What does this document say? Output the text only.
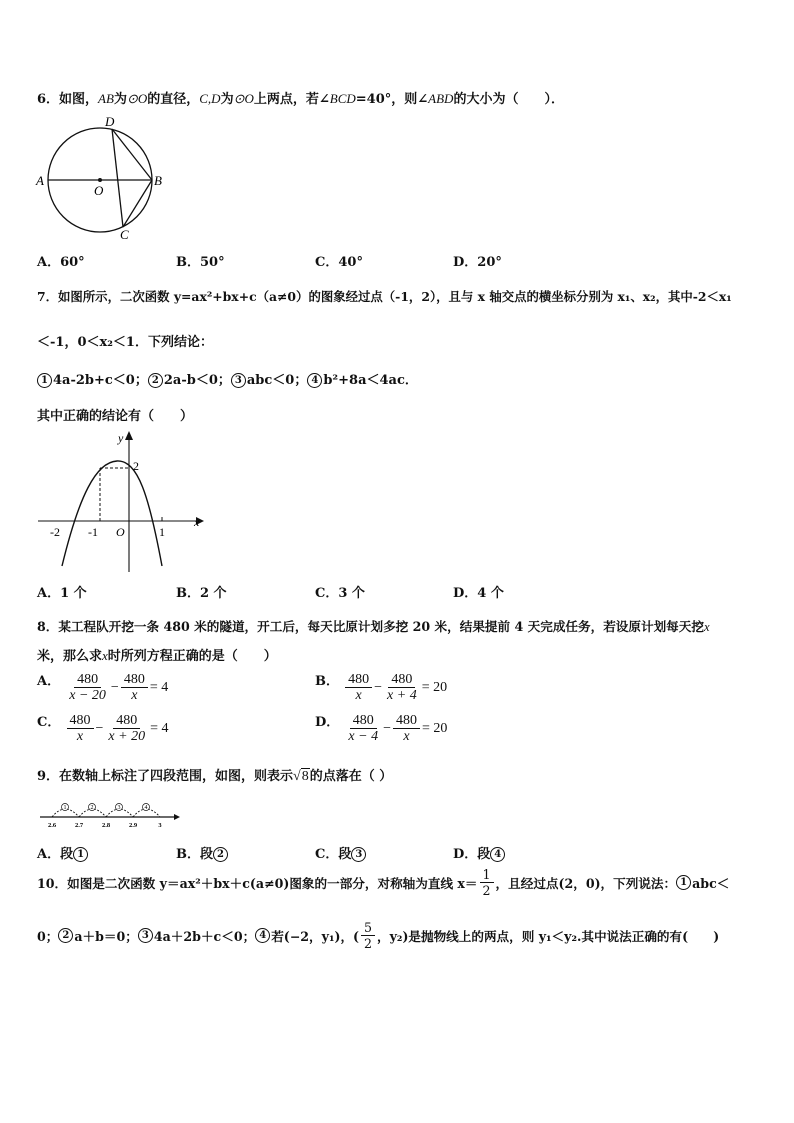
6．如图，AB为⊙O的直径，C,D为⊙O上两点，若∠BCD=40°，则∠ABD的大小为（　　）．
D
A
O
B
C
A．60°	B．50°	C．40°	D．20°
7．如图所示，二次函数 y=ax²+bx+c（a≠0）的图象经过点（-1，2），且与 x 轴交点的横坐标分别为 x₁、x₂，其中-2＜x₁
＜-1，0＜x₂＜1．下列结论：
1 4a-2b+c＜0； 2 2a-b＜0； 3 abc＜0； 4 b²+8a＜4ac．
其中正确的结论有（　　）
y
x
2
-2 -1 O	1
A．1 个	B．2 个	C．3 个	D．4 个
8．某工程队开挖一条 480 米的隧道，开工后，每天比原计划多挖 20 米，结果提前 4 天完成任务，若设原计划每天挖x
米，那么求x时所列方程正确的是（　　）
A． $\frac{480}{x - 20} - \frac{480}{x} = 4$	B． $\frac{480}{x} - \frac{480}{x + 4} = 20$
C． $\frac{480}{x} - \frac{480}{x + 20} = 4$	D． $\frac{480}{x - 4} - \frac{480}{x} = 20$
9．在数轴上标注了四段范围，如图，则表示√8的点落在（ ）
1	2	3	4
2.6	2.7	2.8	2.9	3
A．段 1	B．段 2	C．段 3	D．段 4
10．如图是二次函数 y＝ax²＋bx＋c(a≠0)图象的一部分，对称轴为直线 $x= \frac{1}{2}$ ，且经过点(2，0)，下列说法： 1 abc＜
0； 2 a＋b＝0； 3 4a＋2b＋c＜0； 4 若(−2，y₁)，( $\frac{5}{2}$ ，y₂)是抛物线上的两点，则 y₁＜y₂.其中说法正确的有(　　)
